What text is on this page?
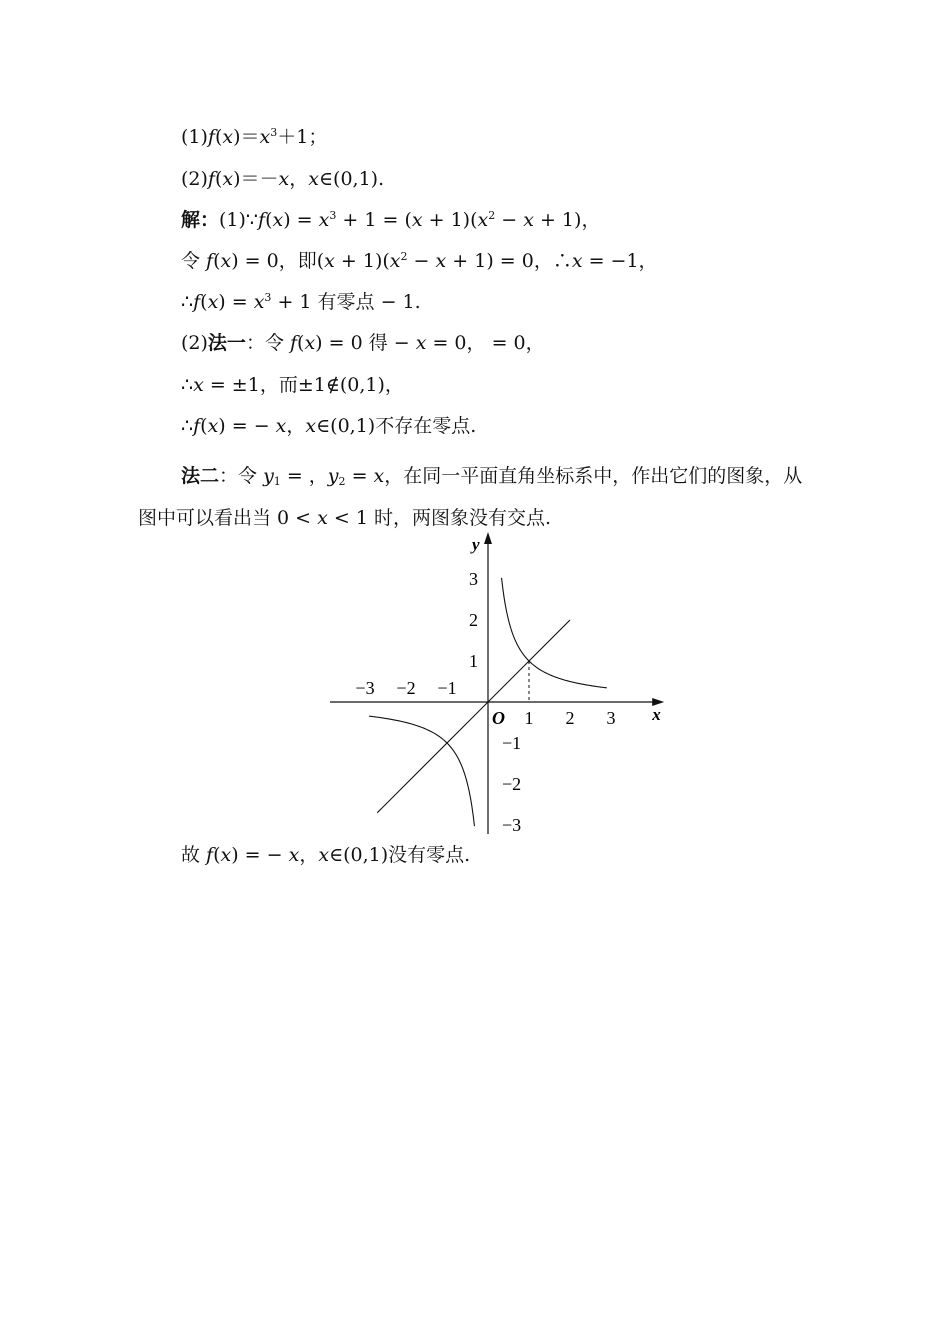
$(1)f(x)=x^3+1$；
(2)f(x)＝－x，x∈(0,1).
解：(1)∵f(x) = $x^3 + 1 = (x + 1)(x^2 - x + 1)$，
令 f(x) = 0，即$(x + 1)(x^2 - x + 1) = 0$，∴x = −1，
∴f(x) = $x^3 + 1$ 有零点 − 1.
(2)法一：令 f(x) = 0 得 − x = 0， = 0，
∴x = ±1，而±1∉(0,1)，
∴f(x) = − x，x∈(0,1)不存在零点.
法二：令 $y_1$ = ，$y_2 = x$，在同一平面直角坐标系中，作出它们的图象，从图中可以看出当 0 < x < 1 时，两图象没有交点.
x
y
O
−3 −2 −1
1 2 3
3
2
1
−1
−2
−3
故 f(x) = − x，x∈(0,1)没有零点.
